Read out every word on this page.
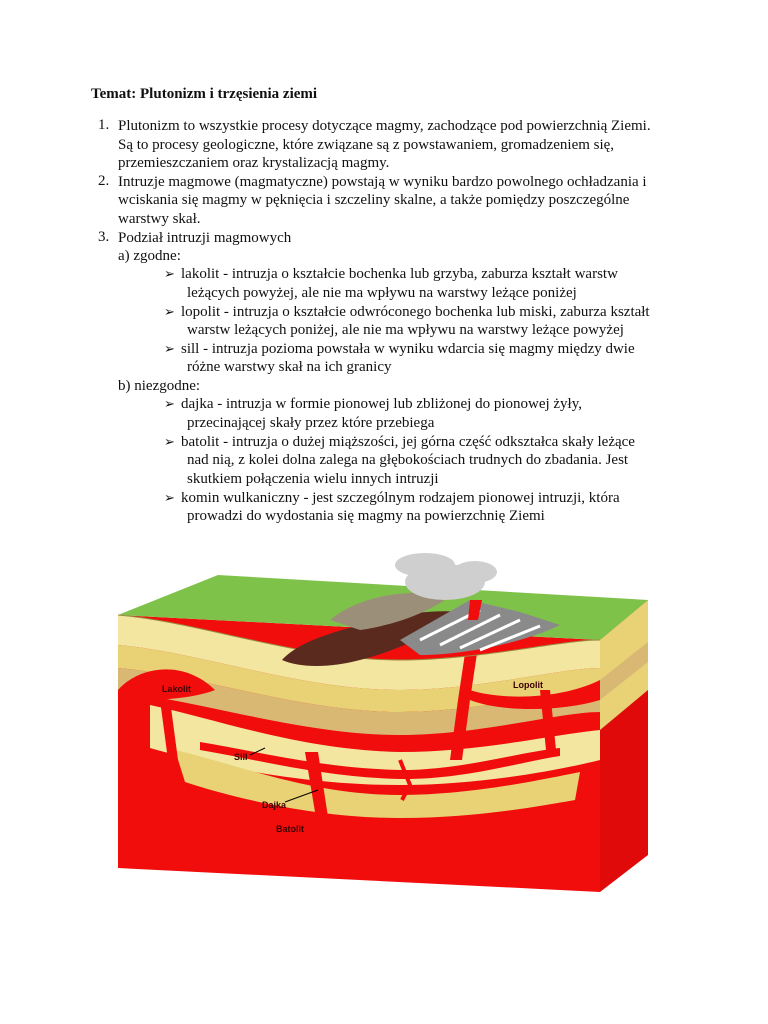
Temat: Plutonizm i trzęsienia ziemi
1. Plutonizm to wszystkie procesy dotyczące magmy, zachodzące pod powierzchnią Ziemi.
Są to procesy geologiczne, które związane są z powstawaniem, gromadzeniem się,
przemieszczaniem oraz krystalizacją magmy.
2. Intruzje magmowe (magmatyczne) powstają w wyniku bardzo powolnego ochładzania i
wciskania się magmy w pęknięcia i szczeliny skalne, a także pomiędzy poszczególne
warstwy skał.
3. Podział intruzji magmowych
a) zgodne:
➢ lakolit - intruzja o kształcie bochenka lub grzyba, zaburza kształt warstw
leżących powyżej, ale nie ma wpływu na warstwy leżące poniżej
➢ lopolit - intruzja o kształcie odwróconego bochenka lub miski, zaburza kształt
warstw leżących poniżej, ale nie ma wpływu na warstwy leżące powyżej
➢ sill - intruzja pozioma powstała w wyniku wdarcia się magmy między dwie
różne warstwy skał na ich granicy
b) niezgodne:
➢ dajka - intruzja w formie pionowej lub zbliżonej do pionowej żyły,
przecinającej skały przez które przebiega
➢ batolit - intruzja o dużej miąższości, jej górna część odkształca skały leżące
nad nią, z kolei dolna zalega na głębokościach trudnych do zbadania. Jest
skutkiem połączenia wielu innych intruzji
➢ komin wulkaniczny - jest szczególnym rodzajem pionowej intruzji, która
prowadzi do wydostania się magmy na powierzchnię Ziemi
Lakolit	Lopolit
Sill
Dajka
Batolit
